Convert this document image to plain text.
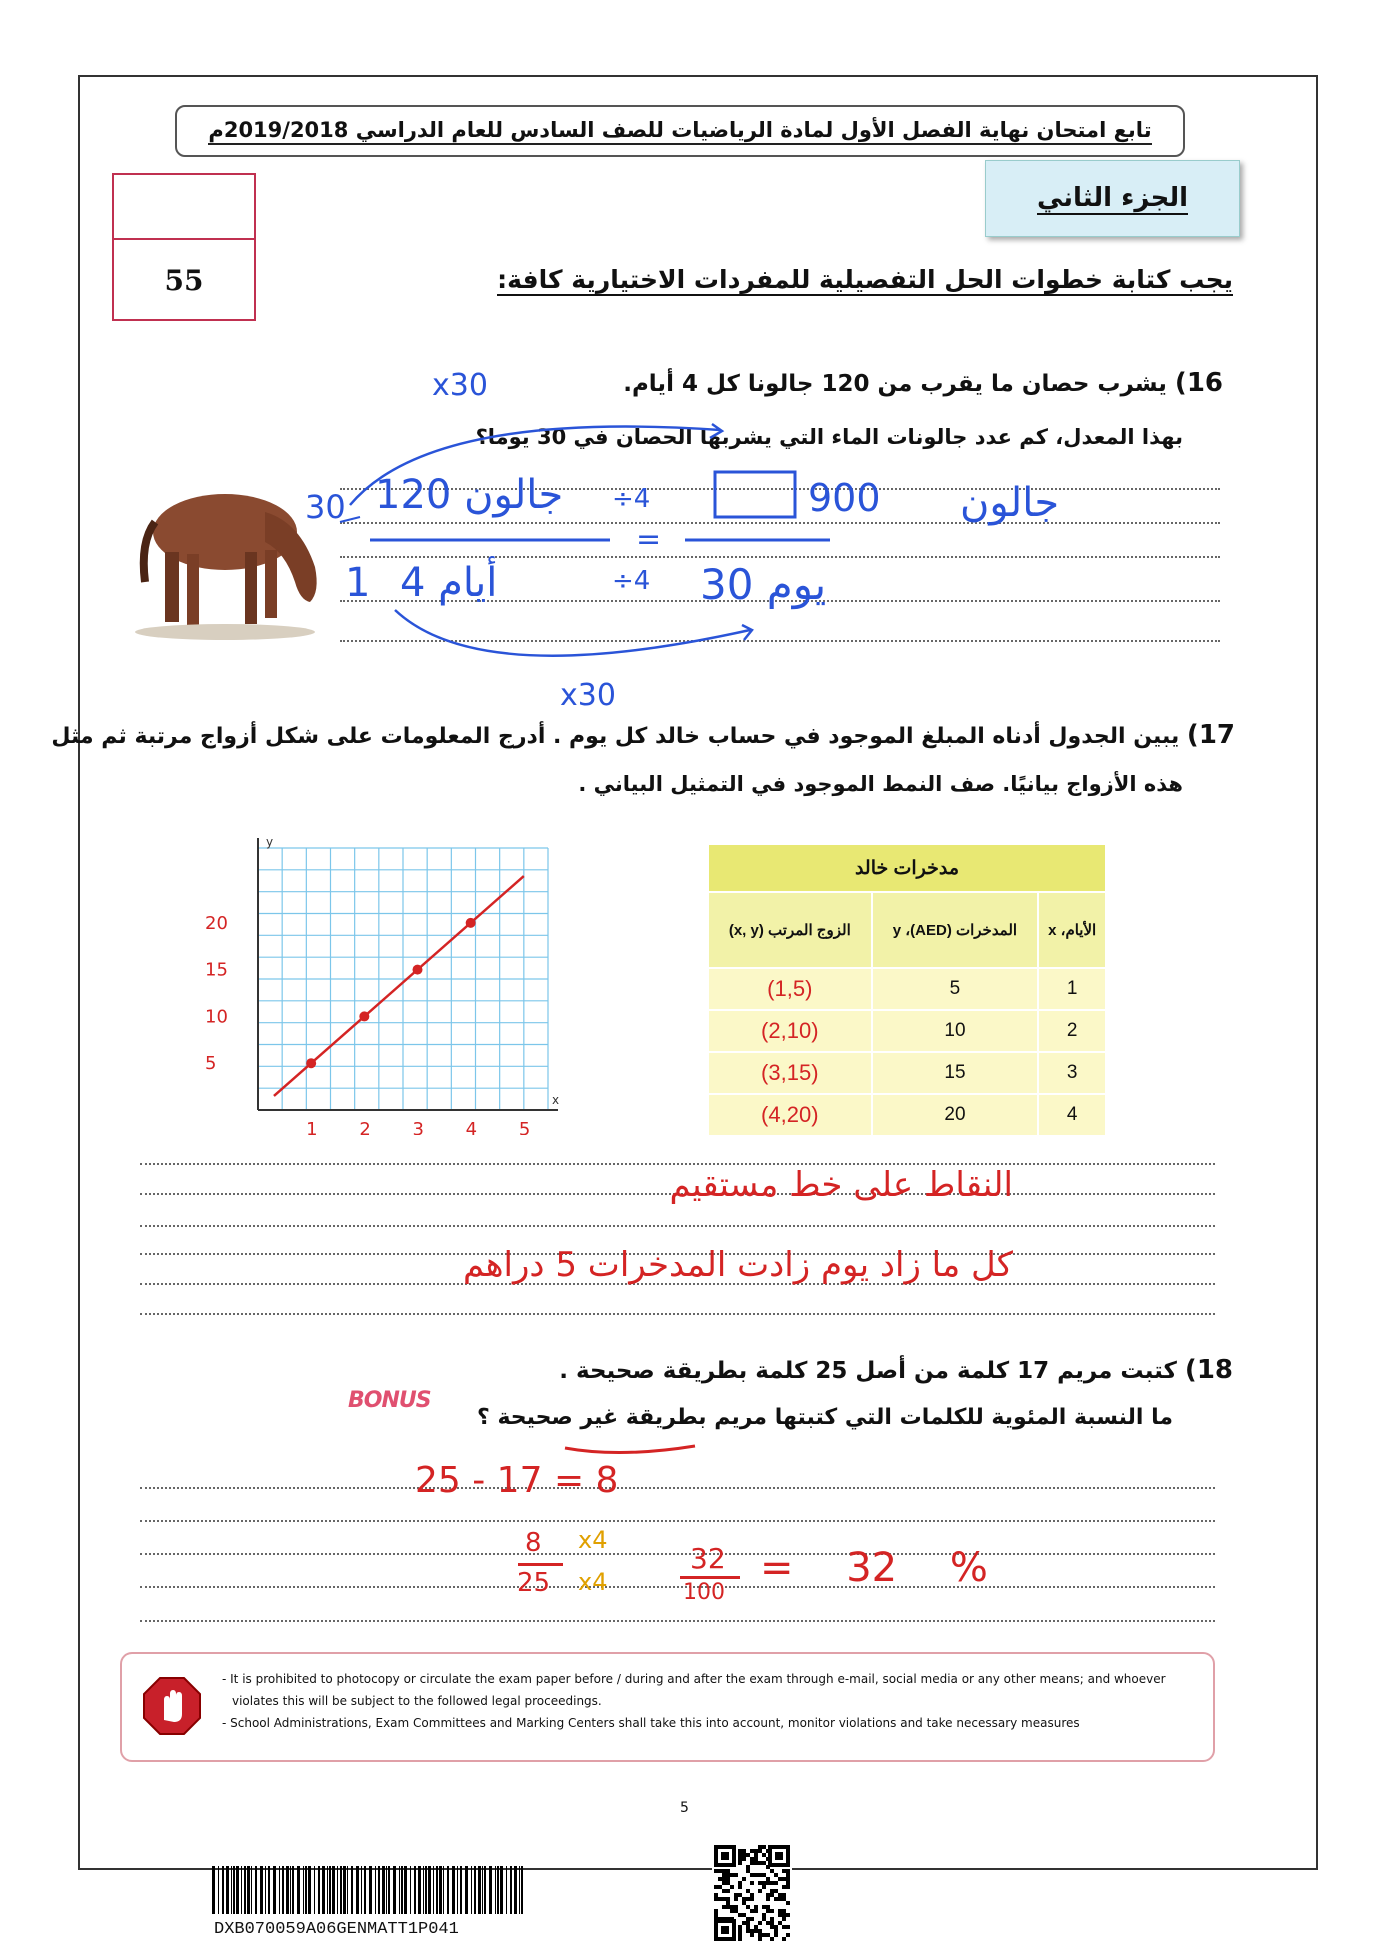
تابع امتحان نهاية الفصل الأول لمادة الرياضيات للصف السادس للعام الدراسي 2019/2018م
55
الجزء الثاني
يجب كتابة خطوات الحل التفصيلية للمفردات الاختيارية كافة:
16) يشرب حصان ما يقرب من 120 جالونا كل 4 أيام.
بهذا المعدل، كم عدد جالونات الماء التي يشربها الحصان في 30 يوما؟
x30
30
1
جالون 120
أيام 4
÷4
÷4
=
900 جالون
يوم 30
x30
17) يبين الجدول أدناه المبلغ الموجود في حساب خالد كل يوم . أدرج المعلومات على شكل أزواج مرتبة ثم مثل
هذه الأزواج بيانيًا. صف النمط الموجود في التمثيل البياني .
x
y
1 2 3 4 5
5
10
15
20
مدخرات خالد		
الأيام، x	المدخرات (AED)، y	الزوج المرتب (x, y)
1	5	(1,5)
2	10	(2,10)
3	15	(3,15)
4	20	(4,20)
النقاط على خط مستقيم
كل ما زاد يوم زادت المدخرات 5 دراهم
18) كتبت مريم 17 كلمة من أصل 25 كلمة بطريقة صحيحة .
ما النسبة المئوية للكلمات التي كتبتها مريم بطريقة غير صحيحة ؟
BONUS
25 - 17 = 8
8
25
x4
x4
32
100
= 32 %
- It is prohibited to photocopy or circulate the exam paper before / during and after the exam through e-mail, social media or any other means; and whoever
violates this will be subject to the followed legal proceedings.
- School Administrations, Exam Committees and Marking Centers shall take this into account, monitor violations and take necessary measures
5
DXB070059A06GENMATT1P041
